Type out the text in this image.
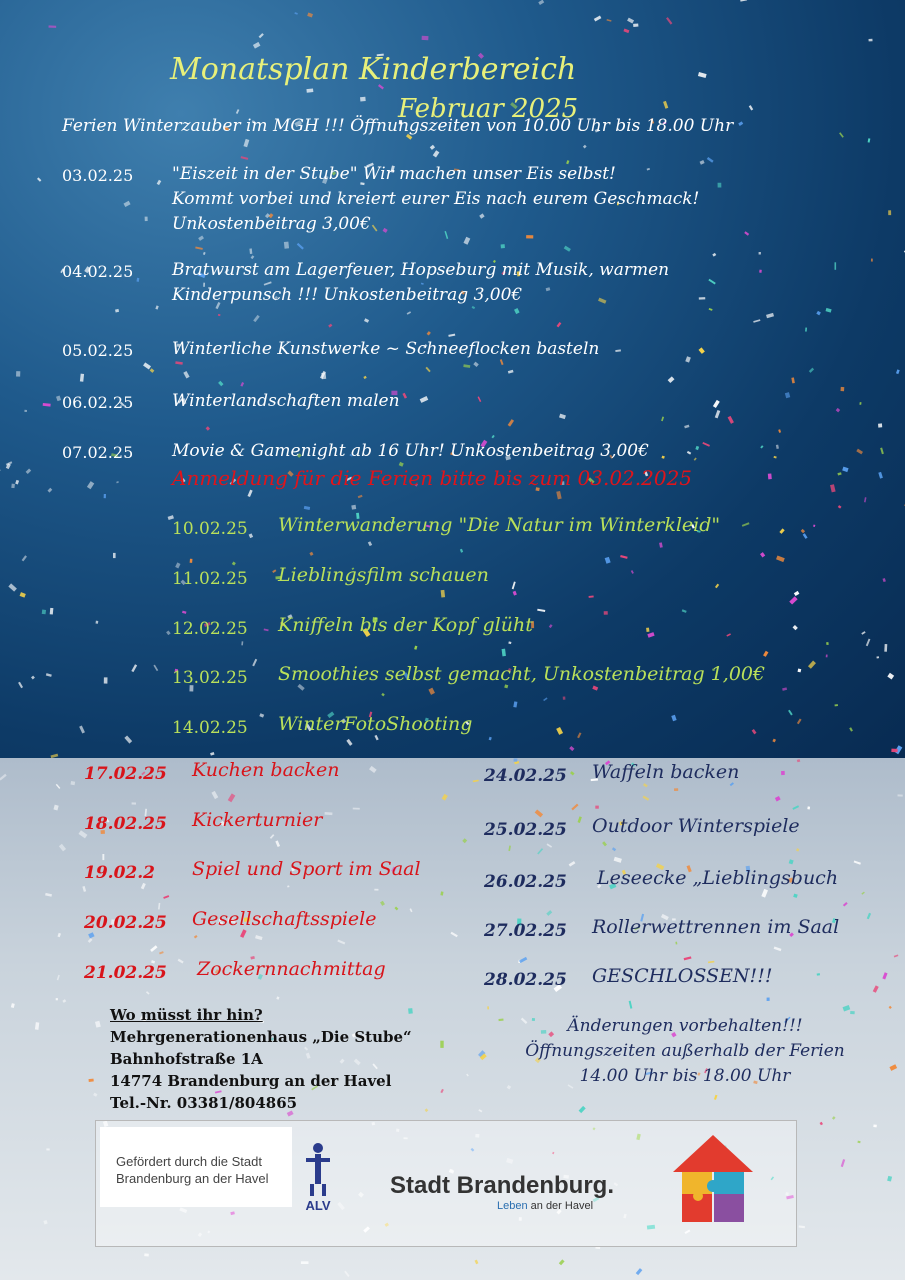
Monatsplan Kinderbereich
Februar 2025
Ferien Winterzauber im MGH !!! Öffnungszeiten von 10.00 Uhr bis 18.00 Uhr
03.02.25 "Eiszeit in der Stube" Wir machen unser Eis selbst!
Kommt vorbei und kreiert eurer Eis nach eurem Geschmack!
Unkostenbeitrag 3,00€
04.02.25 Bratwurst am Lagerfeuer, Hopseburg mit Musik, warmen
Kinderpunsch !!! Unkostenbeitrag 3,00€
05.02.25 Winterliche Kunstwerke ~ Schneeflocken basteln
06.02.25 Winterlandschaften malen
07.02.25 Movie & Gamenight ab 16 Uhr! Unkostenbeitrag 3,00€
Anmeldung für die Ferien bitte bis zum 03.02.2025
10.02.25 Winterwanderung "Die Natur im Winterkleid"
11.02.25 Lieblingsfilm schauen
12.02.25 Kniffeln bis der Kopf glüht
13.02.25 Smoothies selbst gemacht, Unkostenbeitrag 1,00€
14.02.25 WinterFotoShooting
17.02.25 Kuchen backen
18.02.25 Kickerturnier
19.02.2 Spiel und Sport im Saal
20.02.25 Gesellschaftsspiele
21.02.25 Zockernnachmittag
24.02.25 Waffeln backen
25.02.25 Outdoor Winterspiele
26.02.25 Leseecke „Lieblingsbuch
27.02.25 Rollerwettrennen im Saal
28.02.25 GESCHLOSSEN!!!
Wo müsst ihr hin?
Mehrgenerationenhaus „Die Stube“
Bahnhofstraße 1A
14774 Brandenburg an der Havel
Tel.-Nr. 03381/804865
Änderungen vorbehalten!!!
Öffnungszeiten außerhalb der Ferien
14.00 Uhr bis 18.00 Uhr
Gefördert durch die Stadt
Brandenburg an der Havel
ALV
Stadt Brandenburg.
Leben an der Havel
